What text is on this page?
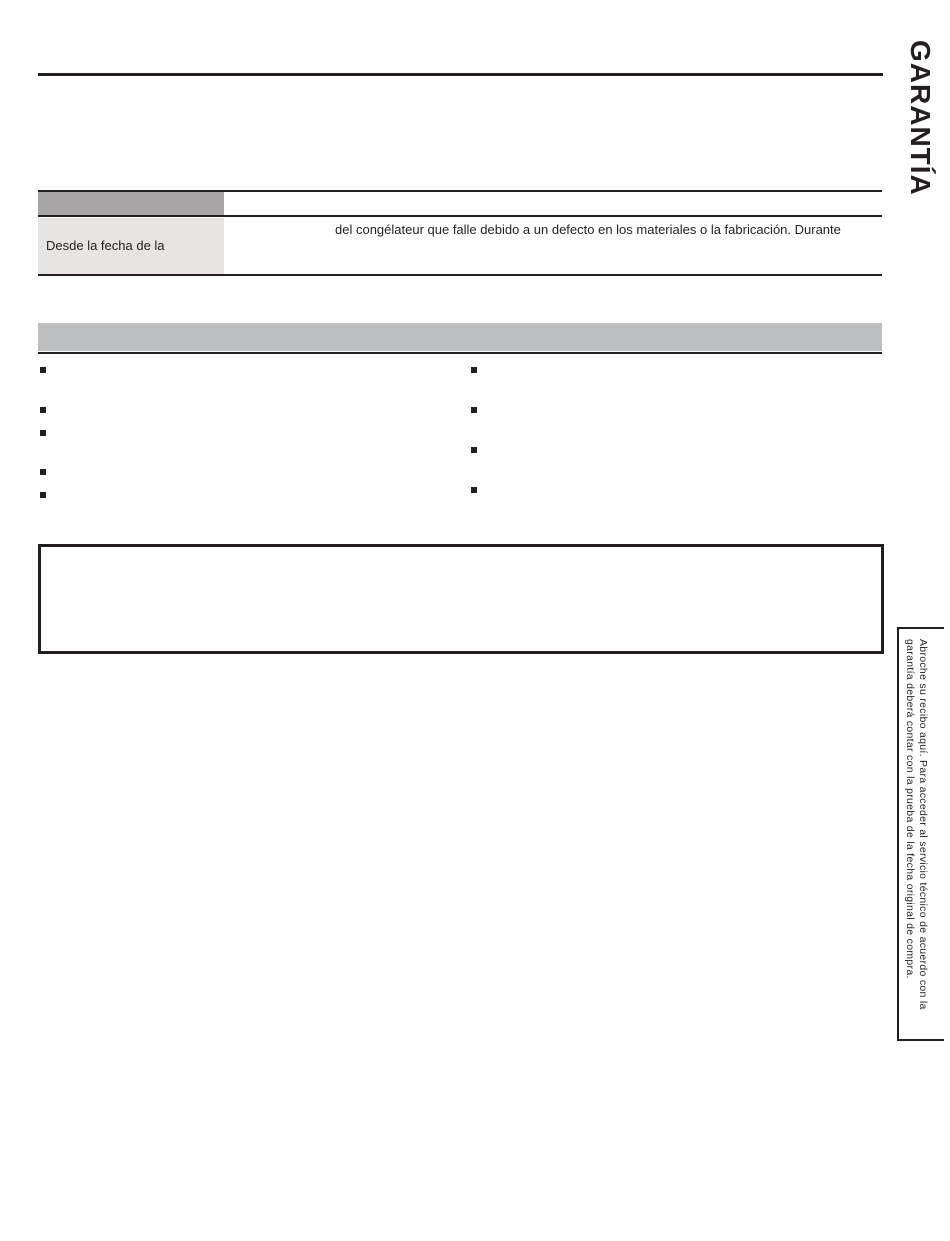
Desde la fecha de la
del congélateur que falle debido a un defecto en los materiales o la fabricación. Durante
GARANTÍA
Abroche su recibo aquí. Para acceder al servicio técnico de acuerdo con la
garantía deberá contar con la prueba de la fecha original de compra.
